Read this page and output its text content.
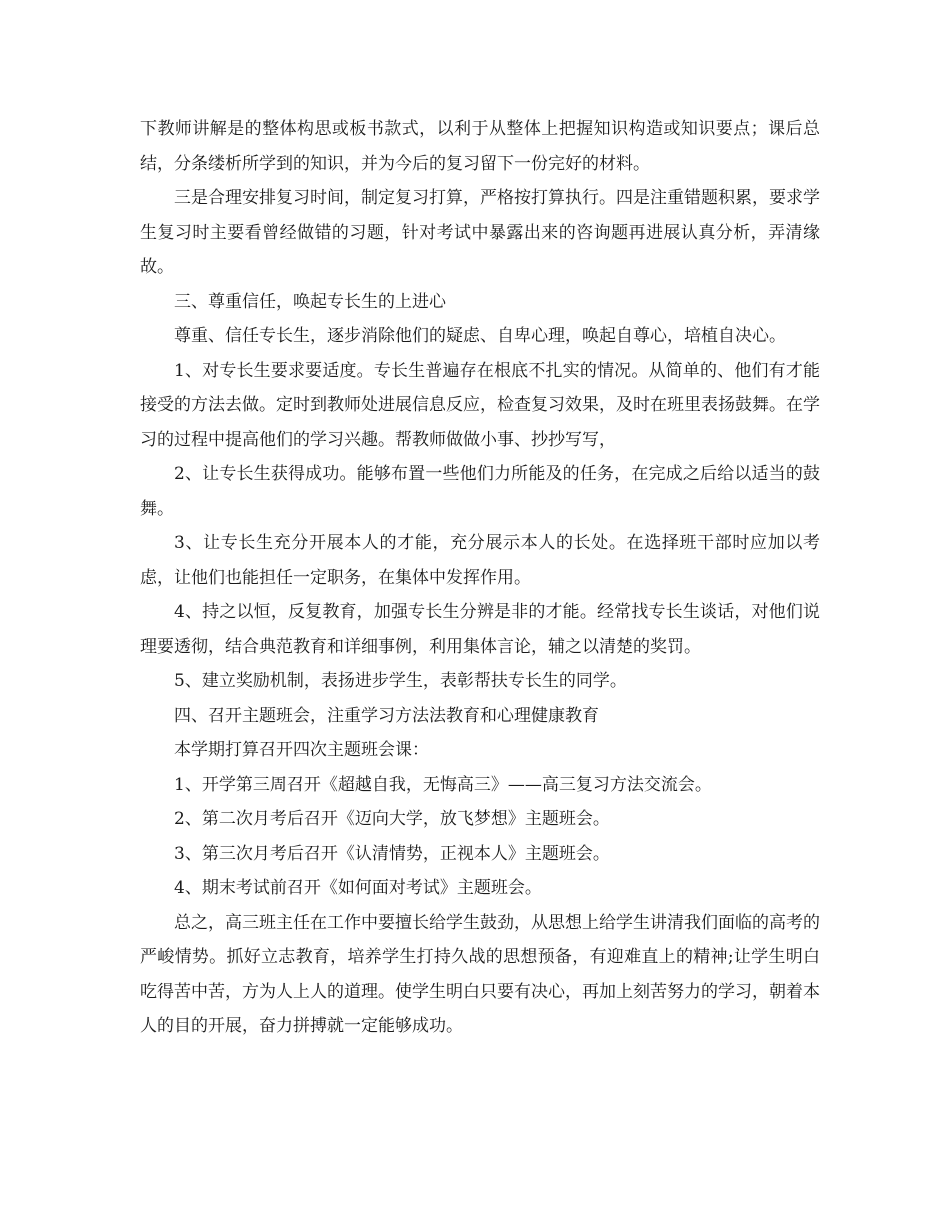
下教师讲解是的整体构思或板书款式，以利于从整体上把握知识构造或知识要点；课后总结，分条缕析所学到的知识，并为今后的复习留下一份完好的材料。

三是合理安排复习时间，制定复习打算，严格按打算执行。四是注重错题积累，要求学生复习时主要看曾经做错的习题，针对考试中暴露出来的咨询题再进展认真分析，弄清缘故。

三、尊重信任，唤起专长生的上进心

尊重、信任专长生，逐步消除他们的疑虑、自卑心理，唤起自尊心，培植自决心。

1、对专长生要求要适度。专长生普遍存在根底不扎实的情况。从简单的、他们有才能接受的方法去做。定时到教师处进展信息反应，检查复习效果，及时在班里表扬鼓舞。在学习的过程中提高他们的学习兴趣。帮教师做做小事、抄抄写写，

2、让专长生获得成功。能够布置一些他们力所能及的任务，在完成之后给以适当的鼓舞。

3、让专长生充分开展本人的才能，充分展示本人的长处。在选择班干部时应加以考虑，让他们也能担任一定职务，在集体中发挥作用。

4、持之以恒，反复教育，加强专长生分辨是非的才能。经常找专长生谈话，对他们说理要透彻，结合典范教育和详细事例，利用集体言论，辅之以清楚的奖罚。

5、建立奖励机制，表扬进步学生，表彰帮扶专长生的同学。

四、召开主题班会，注重学习方法法教育和心理健康教育

本学期打算召开四次主题班会课：

1、开学第三周召开《超越自我，无悔高三》——高三复习方法交流会。

2、第二次月考后召开《迈向大学，放飞梦想》主题班会。

3、第三次月考后召开《认清情势，正视本人》主题班会。

4、期末考试前召开《如何面对考试》主题班会。

总之，高三班主任在工作中要擅长给学生鼓劲，从思想上给学生讲清我们面临的高考的严峻情势。抓好立志教育，培养学生打持久战的思想预备，有迎难直上的精神;让学生明白吃得苦中苦，方为人上人的道理。使学生明白只要有决心，再加上刻苦努力的学习，朝着本人的目的开展，奋力拼搏就一定能够成功。
